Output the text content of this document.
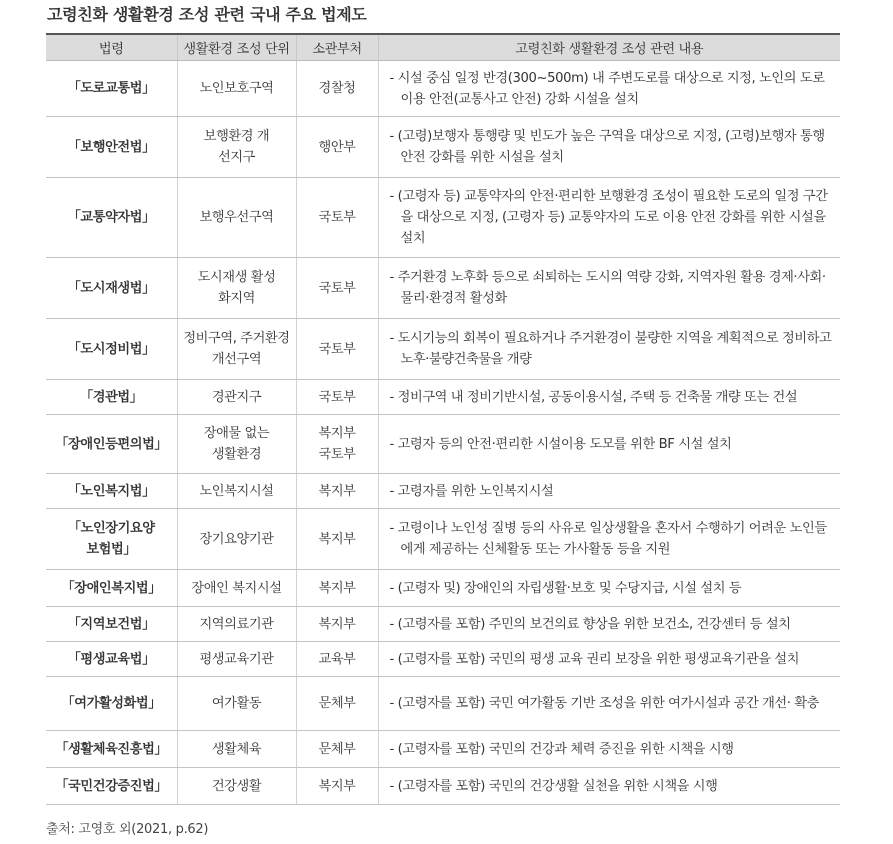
고령친화 생활환경 조성 관련 국내 주요 법제도
법령	생활환경 조성 단위	소관부처	고령친화 생활환경 조성 관련 내용
「도로교통법」	노인보호구역	경찰청	- 시설 중심 일정 반경(300~500m) 내 주변도로를 대상으로 지정, 노인의 도로 이용 안전(교통사고 안전) 강화 시설을 설치

「보행안전법」	보행환경 개선지구	행안부	- (고령)보행자 통행량 및 빈도가 높은 구역을 대상으로 지정, (고령)보행자 통행 안전 강화를 위한 시설을 설치

「교통약자법」	보행우선구역	국토부	- (고령자 등) 교통약자의 안전·편리한 보행환경 조성이 필요한 도로의 일정 구간을 대상으로 지정, (고령자 등) 교통약자의 도로 이용 안전 강화를 위한 시설을 설치

「도시재생법」	도시재생 활성화지역	국토부	- 주거환경 노후화 등으로 쇠퇴하는 도시의 역량 강화, 지역자원 활용 경제·사회·물리·환경적 활성화

「도시정비법」	정비구역, 주거환경 개선구역	국토부	- 도시기능의 회복이 필요하거나 주거환경이 불량한 지역을 계획적으로 정비하고 노후·불량건축물을 개량

「경관법」	경관지구	국토부	- 정비구역 내 정비기반시설, 공동이용시설, 주택 등 건축물 개량 또는 건설

「장애인등편의법」	장애물 없는 생활환경	복지부 국토부	- 고령자 등의 안전·편리한 시설이용 도모를 위한 BF 시설 설치

「노인복지법」	노인복지시설	복지부	- 고령자를 위한 노인복지시설

「노인장기요양 보험법」	장기요양기관	복지부	- 고령이나 노인성 질병 등의 사유로 일상생활을 혼자서 수행하기 어려운 노인들에게 제공하는 신체활동 또는 가사활동 등을 지원

「장애인복지법」	장애인 복지시설	복지부	- (고령자 및) 장애인의 자립생활·보호 및 수당지급, 시설 설치 등

「지역보건법」	지역의료기관	복지부	- (고령자를 포함) 주민의 보건의료 향상을 위한 보건소, 건강센터 등 설치

「평생교육법」	평생교육기관	교육부	- (고령자를 포함) 국민의 평생 교육 권리 보장을 위한 평생교육기관을 설치

「여가활성화법」	여가활동	문체부	- (고령자를 포함) 국민 여가활동 기반 조성을 위한 여가시설과 공간 개선· 확충

「생활체육진흥법」	생활체육	문체부	- (고령자를 포함) 국민의 건강과 체력 증진을 위한 시책을 시행

「국민건강증진법」	건강생활	복지부	- (고령자를 포함) 국민의 건강생활 실천을 위한 시책을 시행
출처: 고영호 외(2021, p.62)
